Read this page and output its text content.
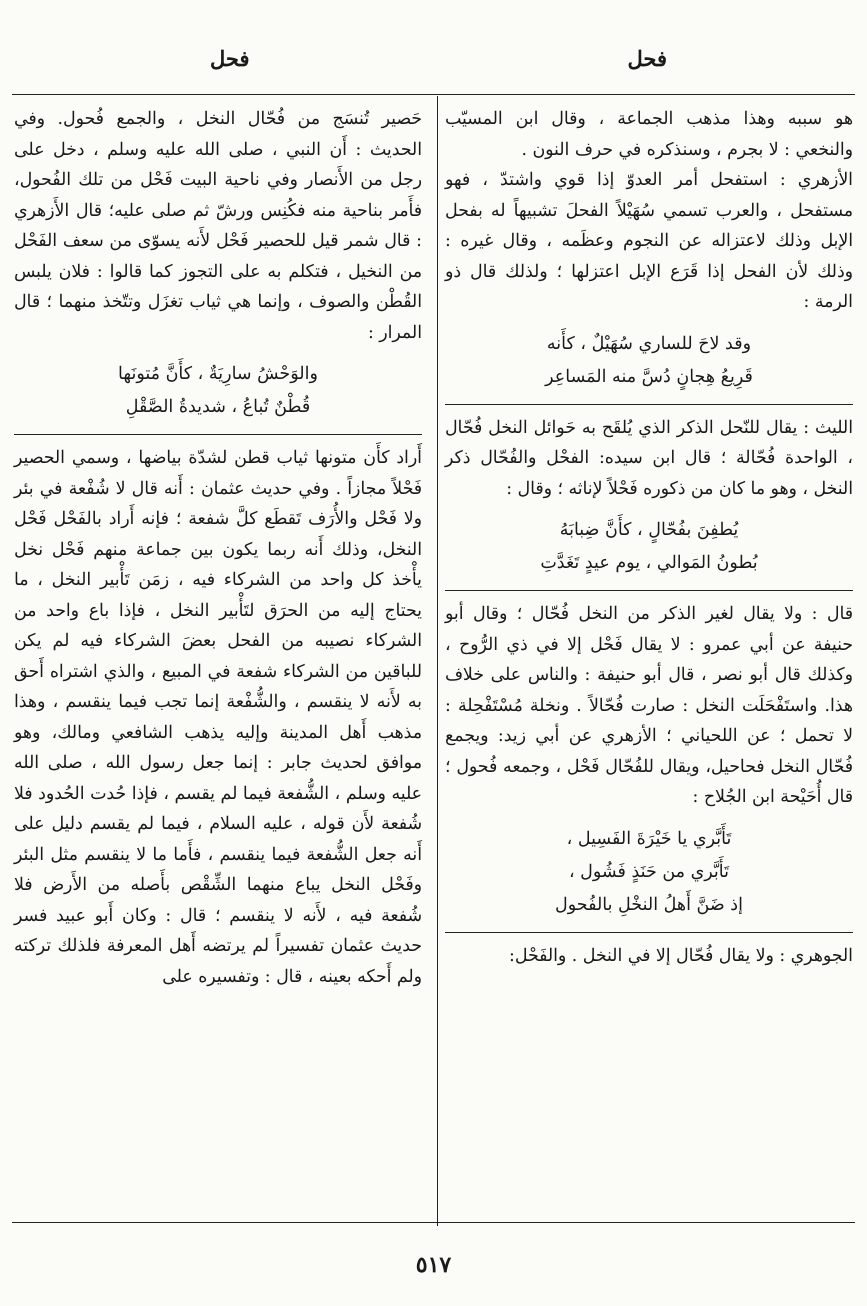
فحل
فحل

هو سببه وهذا مذهب الجماعة ، وقال ابن المسيّب والنخعي : لا بجرم ، وسنذكره في حرف النون .

الأزهري : استفحل أمر العدوّ إذا قوي واشتدّ ، فهو مستفحل ، والعرب تسمي سُهَيْلاً الفحلَ تشبيهاً له بفحل الإبل وذلك لاعتزاله عن النجوم وعظَمه ، وقال غيره : وذلك لأن الفحل إذا قَرَع الإبل اعتزلها ؛ ولذلك قال ذو الرمة :

وقد لاحَ للساري سُهَيْلٌ ، كأَنه
قَرِيعُ هِجانٍ دُسَّ منه المَساعِر

الليث : يقال للنّحل الذكر الذي يُلقَح به حَوائل النخل فُحّال ، الواحدة فُحّالة ؛ قال ابن سيده: الفحْل والفُحّال ذكر النخل ، وهو ما كان من ذكوره فَحْلاً لإناثه ؛ وقال :

يُطفِنَ بفُحّالٍ ، كأَنَّ ضِبابَهُ
بُطونُ المَوالي ، يوم عيدٍ تَغَدَّتِ

قال : ولا يقال لغير الذكر من النخل فُحّال ؛ وقال أبو حنيفة عن أبي عمرو : لا يقال فَحْل إلا في ذي الرُّوح ، وكذلك قال أبو نصر ، قال أبو حنيفة : والناس على خلاف هذا. واستَفْحَلَت النخل : صارت فُحّالاً . ونخلة مُسْتَفْحِلة : لا تحمل ؛ عن اللحياني ؛ الأزهري عن أبي زيد: ويجمع فُحّال النخل فحاحيل، ويقال للفُحّال فَحْل ، وجمعه فُحول ؛ قال أُحَيْحة ابن الجُلاح :

تَأَبَّري يا خَيْرَةَ الفَسِيل ،
تَأَبَّري من حَنَذٍ فَشُول ،
إذ ضَنَّ أَهلُ النخْلِ بالفُحول

الجوهري : ولا يقال فُحّال إلا في النخل . والفَحْل:

حَصير تُنسَج من فُحّال النخل ، والجمع فُحول. وفي الحديث : أَن النبي ، صلى الله عليه وسلم ، دخل على رجل من الأَنصار وفي ناحية البيت فَحْل من تلك الفُحول، فأَمر بناحية منه فكُنِس ورشّ ثم صلى عليه؛ قال الأَزهري : قال شمر قيل للحصير فَحْل لأَنه يسوّى من سعف الفَحْل من النخيل ، فتكلم به على التجوز كما قالوا : فلان يلبس القُطْن والصوف ، وإنما هي ثياب تغزَل وتتّخذ منهما ؛ قال المرار :

والوَحْشُ سارِيَةٌ ، كأَنَّ مُتونَها
قُطْنٌ تُباعُ ، شديدةُ الصَّقْلِ

أَراد كأَن متونها ثياب قطن لشدّة بياضها ، وسمي الحصير فَحْلاً مجازاً . وفي حديث عثمان : أَنه قال لا شُفْعة في بئر ولا فَحْل والأُرَف تَقطَع كلَّ شفعة ؛ فإنه أَراد بالفَحْل فَحْل النخل، وذلك أَنه ربما يكون بين جماعة منهم فَحْل نخل يأْخذ كل واحد من الشركاء فيه ، زمَن تَأْبير النخل ، ما يحتاج إليه من الحرَق لتَأْبير النخل ، فإذا باع واحد من الشركاء نصيبه من الفحل بعضَ الشركاء فيه لم يكن للباقين من الشركاء شفعة في المبيع ، والذي اشتراه أَحق به لأَنه لا ينقسم ، والشُّفْعة إنما تجب فيما ينقسم ، وهذا مذهب أَهل المدينة وإليه يذهب الشافعي ومالك، وهو موافق لحديث جابر : إنما جعل رسول الله ، صلى الله عليه وسلم ، الشُّفعة فيما لم يقسم ، فإذا حُدت الحُدود فلا شُفعة لأَن قوله ، عليه السلام ، فيما لم يقسم دليل على أَنه جعل الشُّفعة فيما ينقسم ، فأَما ما لا ينقسم مثل البئر وفَحْل النخل يباع منهما الشِّقْص بأَصله من الأَرض فلا شُفعة فيه ، لأَنه لا ينقسم ؛ قال : وكان أَبو عبيد فسر حديث عثمان تفسيراً لم يرتضه أَهل المعرفة فلذلك تركته ولم أَحكه بعينه ، قال : وتفسيره على

٥١٧
